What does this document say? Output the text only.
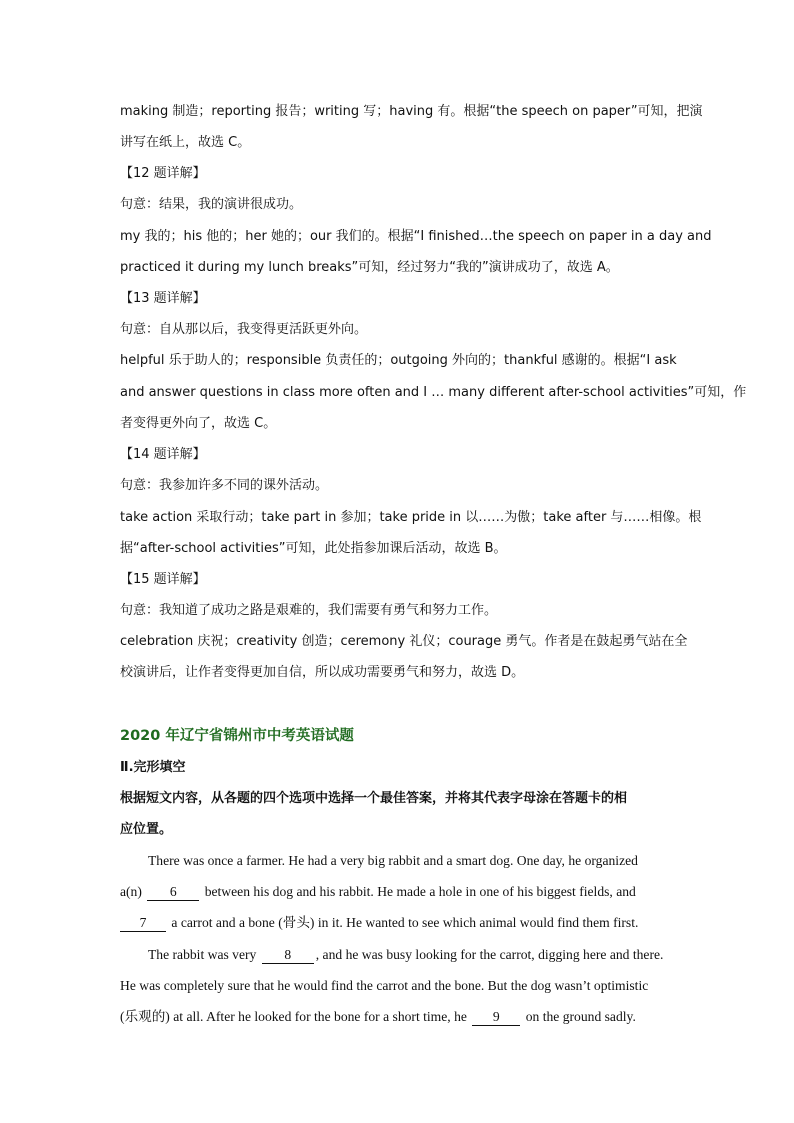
making 制造；reporting 报告；writing 写；having 有。根据“the speech on paper”可知，把演
讲写在纸上，故选 C。
【12 题详解】
句意：结果，我的演讲很成功。
my 我的；his 他的；her 她的；our 我们的。根据“I finished…the speech on paper in a day and
practiced it during my lunch breaks”可知，经过努力“我的”演讲成功了，故选 A。
【13 题详解】
句意：自从那以后，我变得更活跃更外向。
helpful 乐于助人的；responsible 负责任的；outgoing 外向的；thankful 感谢的。根据“I ask
and answer questions in class more often and I … many different after-school activities”可知，作
者变得更外向了，故选 C。
【14 题详解】
句意：我参加许多不同的课外活动。
take action 采取行动；take part in 参加；take pride in 以……为傲；take after 与……相像。根
据“after-school activities”可知，此处指参加课后活动，故选 B。
【15 题详解】
句意：我知道了成功之路是艰难的，我们需要有勇气和努力工作。
celebration 庆祝；creativity 创造；ceremony 礼仪；courage 勇气。作者是在鼓起勇气站在全
校演讲后，让作者变得更加自信，所以成功需要勇气和努力，故选 D。
2020 年辽宁省锦州市中考英语试题
Ⅱ.完形填空
根据短文内容，从各题的四个选项中选择一个最佳答案，并将其代表字母涂在答题卡的相
应位置。
There was once a farmer. He had a very big rabbit and a smart dog. One day, he organized
a(n) 6 between his dog and his rabbit. He made a hole in one of his biggest fields, and
7 a carrot and a bone (骨头) in it. He wanted to see which animal would find them first.
The rabbit was very 8 , and he was busy looking for the carrot, digging here and there.
He was completely sure that he would find the carrot and the bone. But the dog wasn’t optimistic
(乐观的) at all. After he looked for the bone for a short time, he 9 on the ground sadly.
